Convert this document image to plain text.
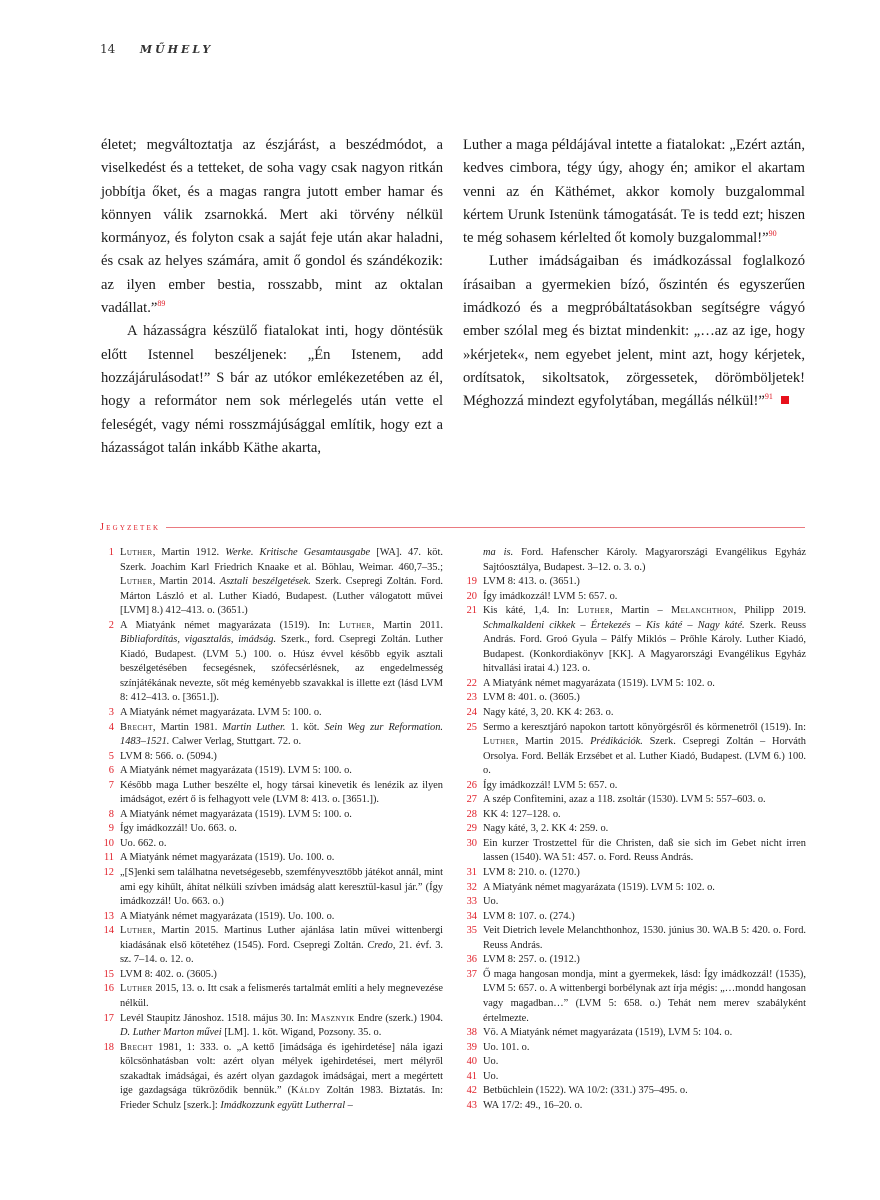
14 MŰHELY

életet; megváltoztatja az észjárást, a beszédmódot, a viselkedést és a tetteket, de soha vagy csak nagyon ritkán jobbítja őket, és a magas rangra jutott ember hamar és könnyen válik zsarnokká. Mert aki törvény nélkül kormányoz, és folyton csak a saját feje után akar haladni, és csak az helyes számára, amit ő gondol és szándékozik: az ilyen ember bestia, rosszabb, mint az oktalan vadállat.”$^{89}$

A házasságra készülő fiatalokat inti, hogy döntésük előtt Istennel beszéljenek: „Én Istenem, add hozzájárulásodat!” S bár az utókor emlékezetében az él, hogy a reformátor nem sok mérlegelés után vette el feleségét, vagy némi rosszmájúsággal említik, hogy ezt a házasságot talán inkább Käthe akarta,

Luther a maga példájával intette a fiatalokat: „Ezért aztán, kedves cimbora, tégy úgy, ahogy én; amikor el akartam venni az én Käthémet, akkor komoly buzgalommal kértem Urunk Istenünk támogatását. Te is tedd ezt; hiszen te még sohasem kérlelted őt komoly buzgalommal!”$^{90}$

Luther imádságaiban és imádkozással foglalkozó írásaiban a gyermekien bízó, őszintén és egyszerűen imádkozó és a megpróbáltatásokban segítségre vágyó ember szólal meg és biztat mindenkit: „…az az ige, hogy »kérjetek«, nem egyebet jelent, mint azt, hogy kérjetek, ordítsatok, sikoltsatok, zörgessetek, dörömböljetek! Méghozzá mindezt egyfolytában, megállás nélkül!”$^{91}$

Jegyzetek
1 Luther, Martin 1912. Werke. Kritische Gesamtausgabe [WA]. 47. köt. Szerk. Joachim Karl Friedrich Knaake et al. Böhlau, Weimar. 460,7–35.; Luther, Martin 2014. Asztali beszélgetések. Szerk. Csepregi Zoltán. Ford. Márton László et al. Luther Kiadó, Budapest. (Luther válogatott művei [LVM] 8.) 412–413. o. (3651.)
2 A Miatyánk német magyarázata (1519). In: Luther, Martin 2011. Bibliafordítás, vigasztalás, imádság. Szerk., ford. Csepregi Zoltán. Luther Kiadó, Budapest. (LVM 5.) 100. o. Húsz évvel később egyik asztali beszélgetésében fecsegésnek, szófecsérlésnek, az engedelmesség színjátékának nevezte, sőt még keményebb szavakkal is illette ezt (lásd LVM 8: 412–413. o. [3651.]).
3 A Miatyánk német magyarázata. LVM 5: 100. o.
4 Brecht, Martin 1981. Martin Luther. 1. köt. Sein Weg zur Reformation. 1483–1521. Calwer Verlag, Stuttgart. 72. o.
5 LVM 8: 566. o. (5094.)
6 A Miatyánk német magyarázata (1519). LVM 5: 100. o.
7 Később maga Luther beszélte el, hogy társai kinevetik és lenézik az ilyen imádságot, ezért ő is felhagyott vele (LVM 8: 413. o. [3651.]).
8 A Miatyánk német magyarázata (1519). LVM 5: 100. o.
9 Így imádkozzál! Uo. 663. o.
10 Uo. 662. o.
11 A Miatyánk német magyarázata (1519). Uo. 100. o.
12 „[S]enki sem találhatna nevetségesebb, szemfényvesztőbb játékot annál, mint ami egy kihűlt, áhítat nélküli szívben imádság alatt keresztül-kasul jár.” (Így imádkozzál! Uo. 663. o.)
13 A Miatyánk német magyarázata (1519). Uo. 100. o.
14 Luther, Martin 2015. Martinus Luther ajánlása latin művei wittenbergi kiadásának első kötetéhez (1545). Ford. Csepregi Zoltán. Credo, 21. évf. 3. sz. 7–14. o. 12. o.
15 LVM 8: 402. o. (3605.)
16 Luther 2015, 13. o. Itt csak a felismerés tartalmát említi a hely megnevezése nélkül.
17 Levél Staupitz Jánoshoz. 1518. május 30. In: Masznyik Endre (szerk.) 1904. D. Luther Marton művei [LM]. 1. köt. Wigand, Pozsony. 35. o.
18 Brecht 1981, 1: 333. o. „A kettő [imádsága és igehirdetése] nála igazi kölcsönhatásban volt: azért olyan mélyek igehirdetései, mert mélyről szakadtak imádságai, és azért olyan gazdagok imádságai, mert a megértett ige gazdagsága tükröződik bennük.” (Káldy Zoltán 1983. Biztatás. In: Frieder Schulz [szerk.]: Imádkozzunk együtt Lutherral –
ma is. Ford. Hafenscher Károly. Magyarországi Evangélikus Egyház Sajtóosztálya, Budapest. 3–12. o. 3. o.)
19 LVM 8: 413. o. (3651.)
20 Így imádkozzál! LVM 5: 657. o.
21 Kis káté, 1,4. In: Luther, Martin – Melanchthon, Philipp 2019. Schmalkaldeni cikkek – Értekezés – Kis káté – Nagy káté. Szerk. Reuss András. Ford. Groó Gyula – Pálfy Miklós – Prőhle Károly. Luther Kiadó, Budapest. (Konkordiakönyv [KK]. A Magyarországi Evangélikus Egyház hitvallási iratai 4.) 123. o.
22 A Miatyánk német magyarázata (1519). LVM 5: 102. o.
23 LVM 8: 401. o. (3605.)
24 Nagy káté, 3, 20. KK 4: 263. o.
25 Sermo a keresztjáró napokon tartott könyörgésről és körmenetről (1519). In: Luther, Martin 2015. Prédikációk. Szerk. Csepregi Zoltán – Horváth Orsolya. Ford. Bellák Erzsébet et al. Luther Kiadó, Budapest. (LVM 6.) 100. o.
26 Így imádkozzál! LVM 5: 657. o.
27 A szép Confitemini, azaz a 118. zsoltár (1530). LVM 5: 557–603. o.
28 KK 4: 127–128. o.
29 Nagy káté, 3, 2. KK 4: 259. o.
30 Ein kurzer Trostzettel für die Christen, daß sie sich im Gebet nicht irren lassen (1540). WA 51: 457. o. Ford. Reuss András.
31 LVM 8: 210. o. (1270.)
32 A Miatyánk német magyarázata (1519). LVM 5: 102. o.
33 Uo.
34 LVM 8: 107. o. (274.)
35 Veit Dietrich levele Melanchthonhoz, 1530. június 30. WA.B 5: 420. o. Ford. Reuss András.
36 LVM 8: 257. o. (1912.)
37 Ő maga hangosan mondja, mint a gyermekek, lásd: Így imádkozzál! (1535), LVM 5: 657. o. A wittenbergi borbélynak azt írja mégis: „…mondd hangosan vagy magadban…” (LVM 5: 658. o.) Tehát nem merev szabályként értelmezte.
38 Vö. A Miatyánk német magyarázata (1519), LVM 5: 104. o.
39 Uo. 101. o.
40 Uo.
41 Uo.
42 Betbüchlein (1522). WA 10/2: (331.) 375–495. o.
43 WA 17/2: 49., 16–20. o.
